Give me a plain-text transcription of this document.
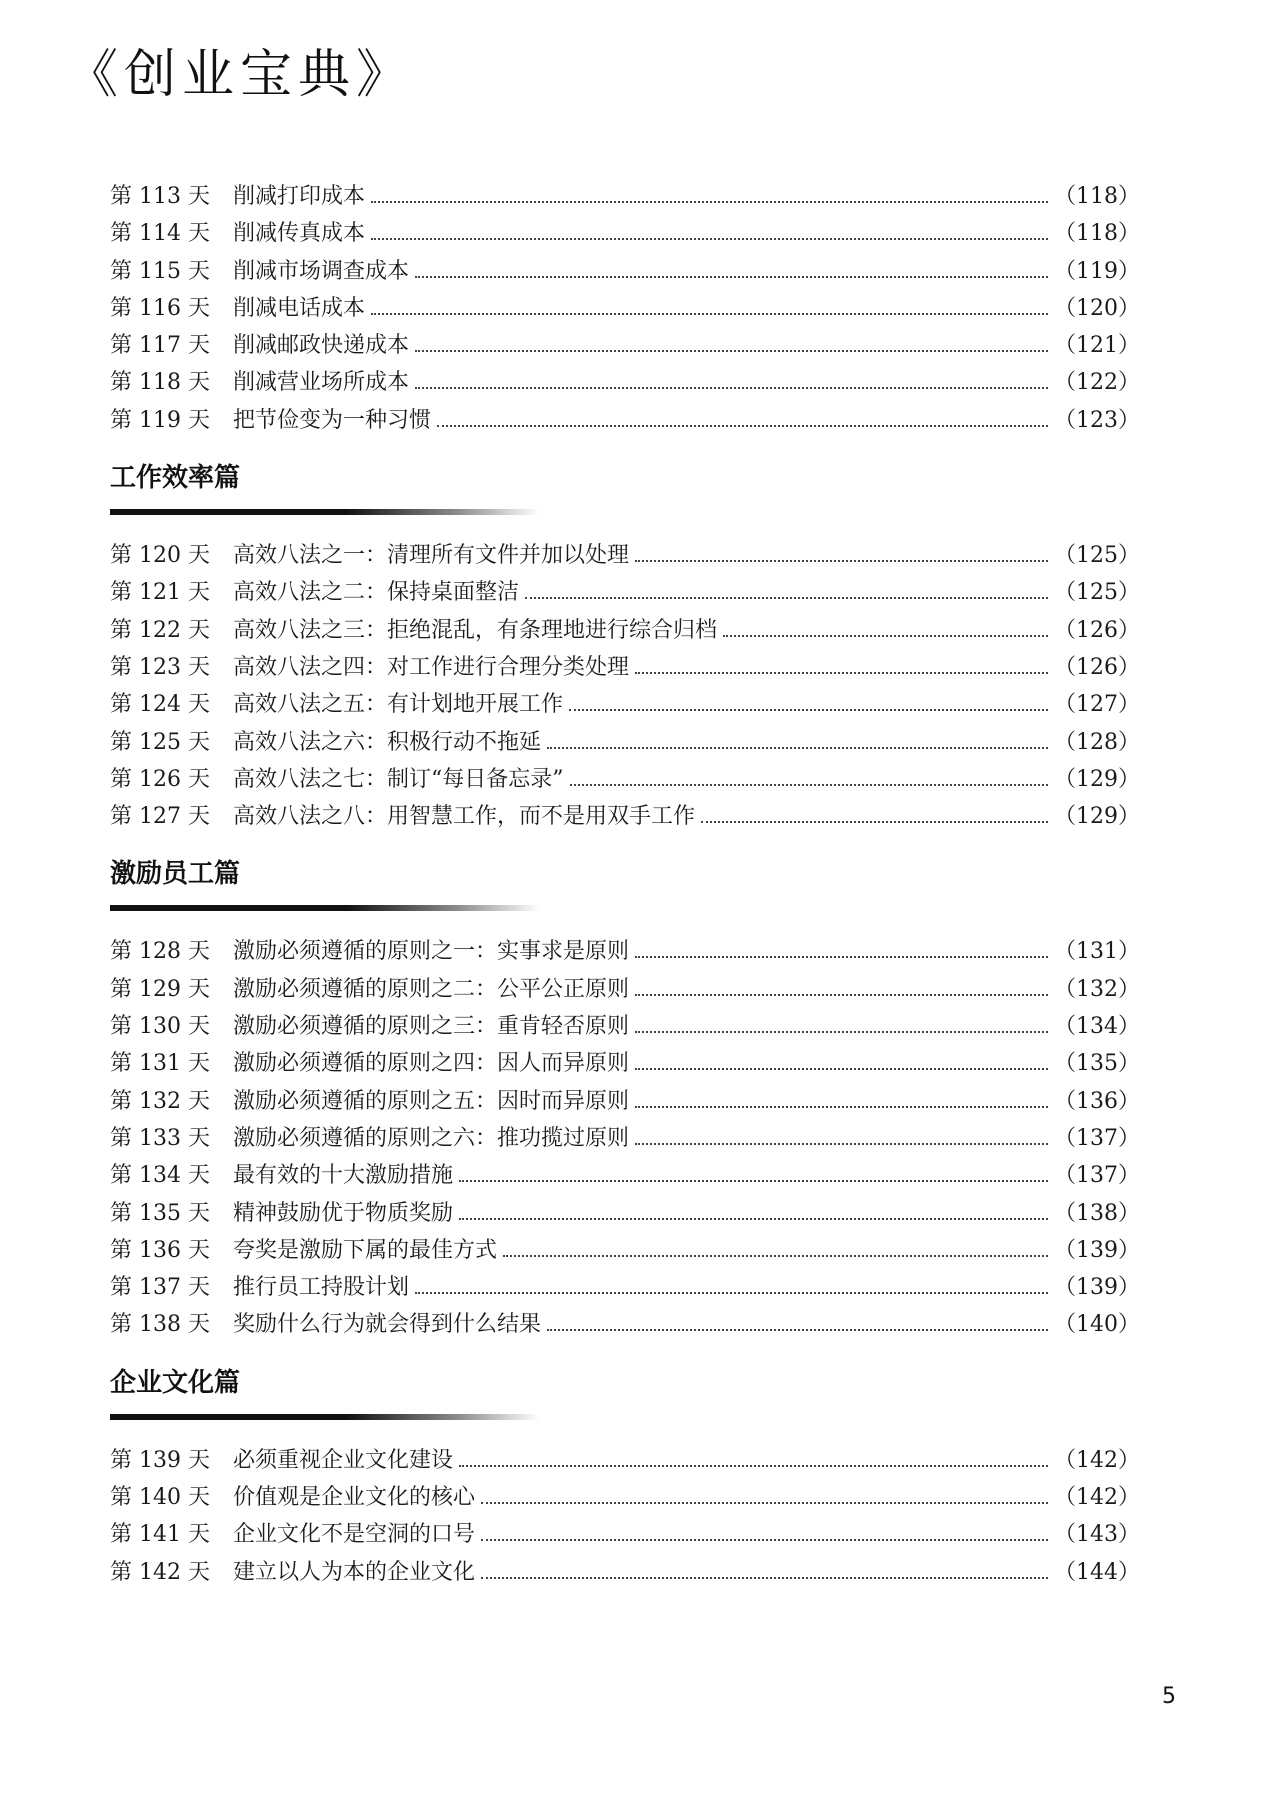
《创业宝典》
第 113 天	削减打印成本	（118）
第 114 天	削减传真成本	（118）
第 115 天	削减市场调查成本	（119）
第 116 天	削减电话成本	（120）
第 117 天	削减邮政快递成本	（121）
第 118 天	削减营业场所成本	（122）
第 119 天	把节俭变为一种习惯	（123）
工作效率篇
第 120 天	高效八法之一：清理所有文件并加以处理	（125）
第 121 天	高效八法之二：保持桌面整洁	（125）
第 122 天	高效八法之三：拒绝混乱，有条理地进行综合归档	（126）
第 123 天	高效八法之四：对工作进行合理分类处理	（126）
第 124 天	高效八法之五：有计划地开展工作	（127）
第 125 天	高效八法之六：积极行动不拖延	（128）
第 126 天	高效八法之七：制订“每日备忘录”	（129）
第 127 天	高效八法之八：用智慧工作，而不是用双手工作	（129）
激励员工篇
第 128 天	激励必须遵循的原则之一：实事求是原则	（131）
第 129 天	激励必须遵循的原则之二：公平公正原则	（132）
第 130 天	激励必须遵循的原则之三：重肯轻否原则	（134）
第 131 天	激励必须遵循的原则之四：因人而异原则	（135）
第 132 天	激励必须遵循的原则之五：因时而异原则	（136）
第 133 天	激励必须遵循的原则之六：推功揽过原则	（137）
第 134 天	最有效的十大激励措施	（137）
第 135 天	精神鼓励优于物质奖励	（138）
第 136 天	夸奖是激励下属的最佳方式	（139）
第 137 天	推行员工持股计划	（139）
第 138 天	奖励什么行为就会得到什么结果	（140）
企业文化篇
第 139 天	必须重视企业文化建设	（142）
第 140 天	价值观是企业文化的核心	（142）
第 141 天	企业文化不是空洞的口号	（143）
第 142 天	建立以人为本的企业文化	（144）
5
